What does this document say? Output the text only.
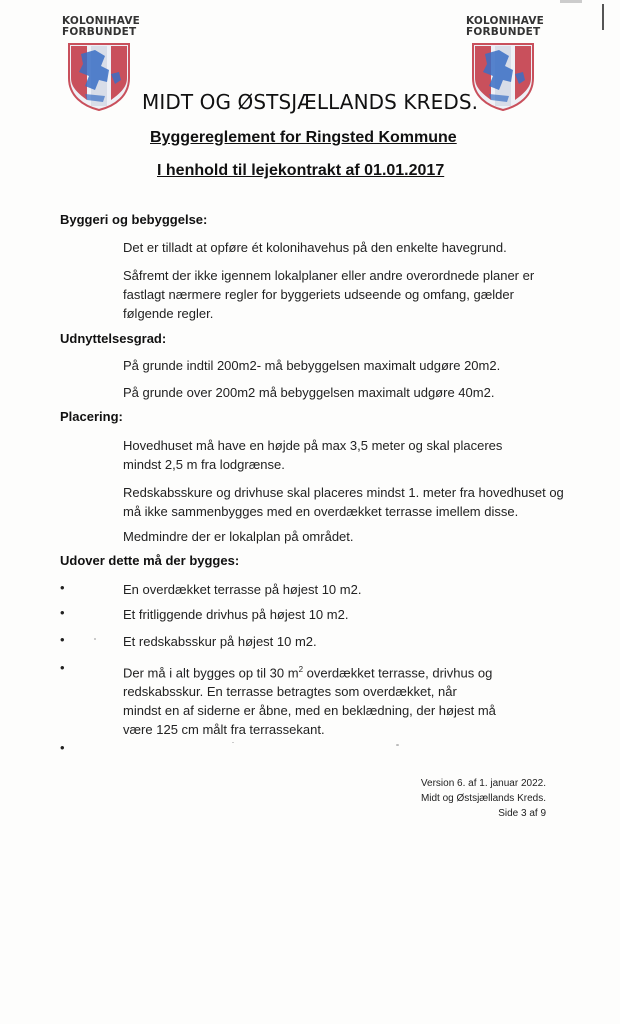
KOLONIHAVE
FORBUNDET
KOLONIHAVE
FORBUNDET
MIDT OG ØSTSJÆLLANDS KREDS.
Byggereglement for Ringsted Kommune
I henhold til lejekontrakt af 01.01.2017
Byggeri og bebyggelse:
Det er tilladt at opføre ét kolonihavehus på den enkelte havegrund.
Såfremt der ikke igennem lokalplaner eller andre overordnede planer er fastlagt nærmere regler for byggeriets udseende og omfang, gælder følgende regler.
Udnyttelsesgrad:
På grunde indtil 200m2- må bebyggelsen maximalt udgøre 20m2.
På grunde over 200m2 må bebyggelsen maximalt udgøre 40m2.
Placering:
Hovedhuset må have en højde på max 3,5 meter og skal placeres mindst 2,5 m fra lodgrænse.
Redskabsskure og drivhuse skal placeres mindst 1. meter fra hovedhuset og må ikke sammenbygges med en overdækket terrasse imellem disse.
Medmindre der er lokalplan på området.
Udover dette må der bygges:
•	En overdækket terrasse på højest 10 m2.
•	Et fritliggende drivhus på højest 10 m2.
•	Et redskabsskur på højest 10 m2.
•	Der må i alt bygges op til 30 $m^2$ overdækket terrasse, drivhus og redskabsskur. En terrasse betragtes som overdækket, når mindst en af siderne er åbne, med en beklædning, der højest må være 125 cm målt fra terrassekant.
•
Version 6. af 1. januar 2022.
Midt og Østsjællands Kreds.
Side 3 af 9
